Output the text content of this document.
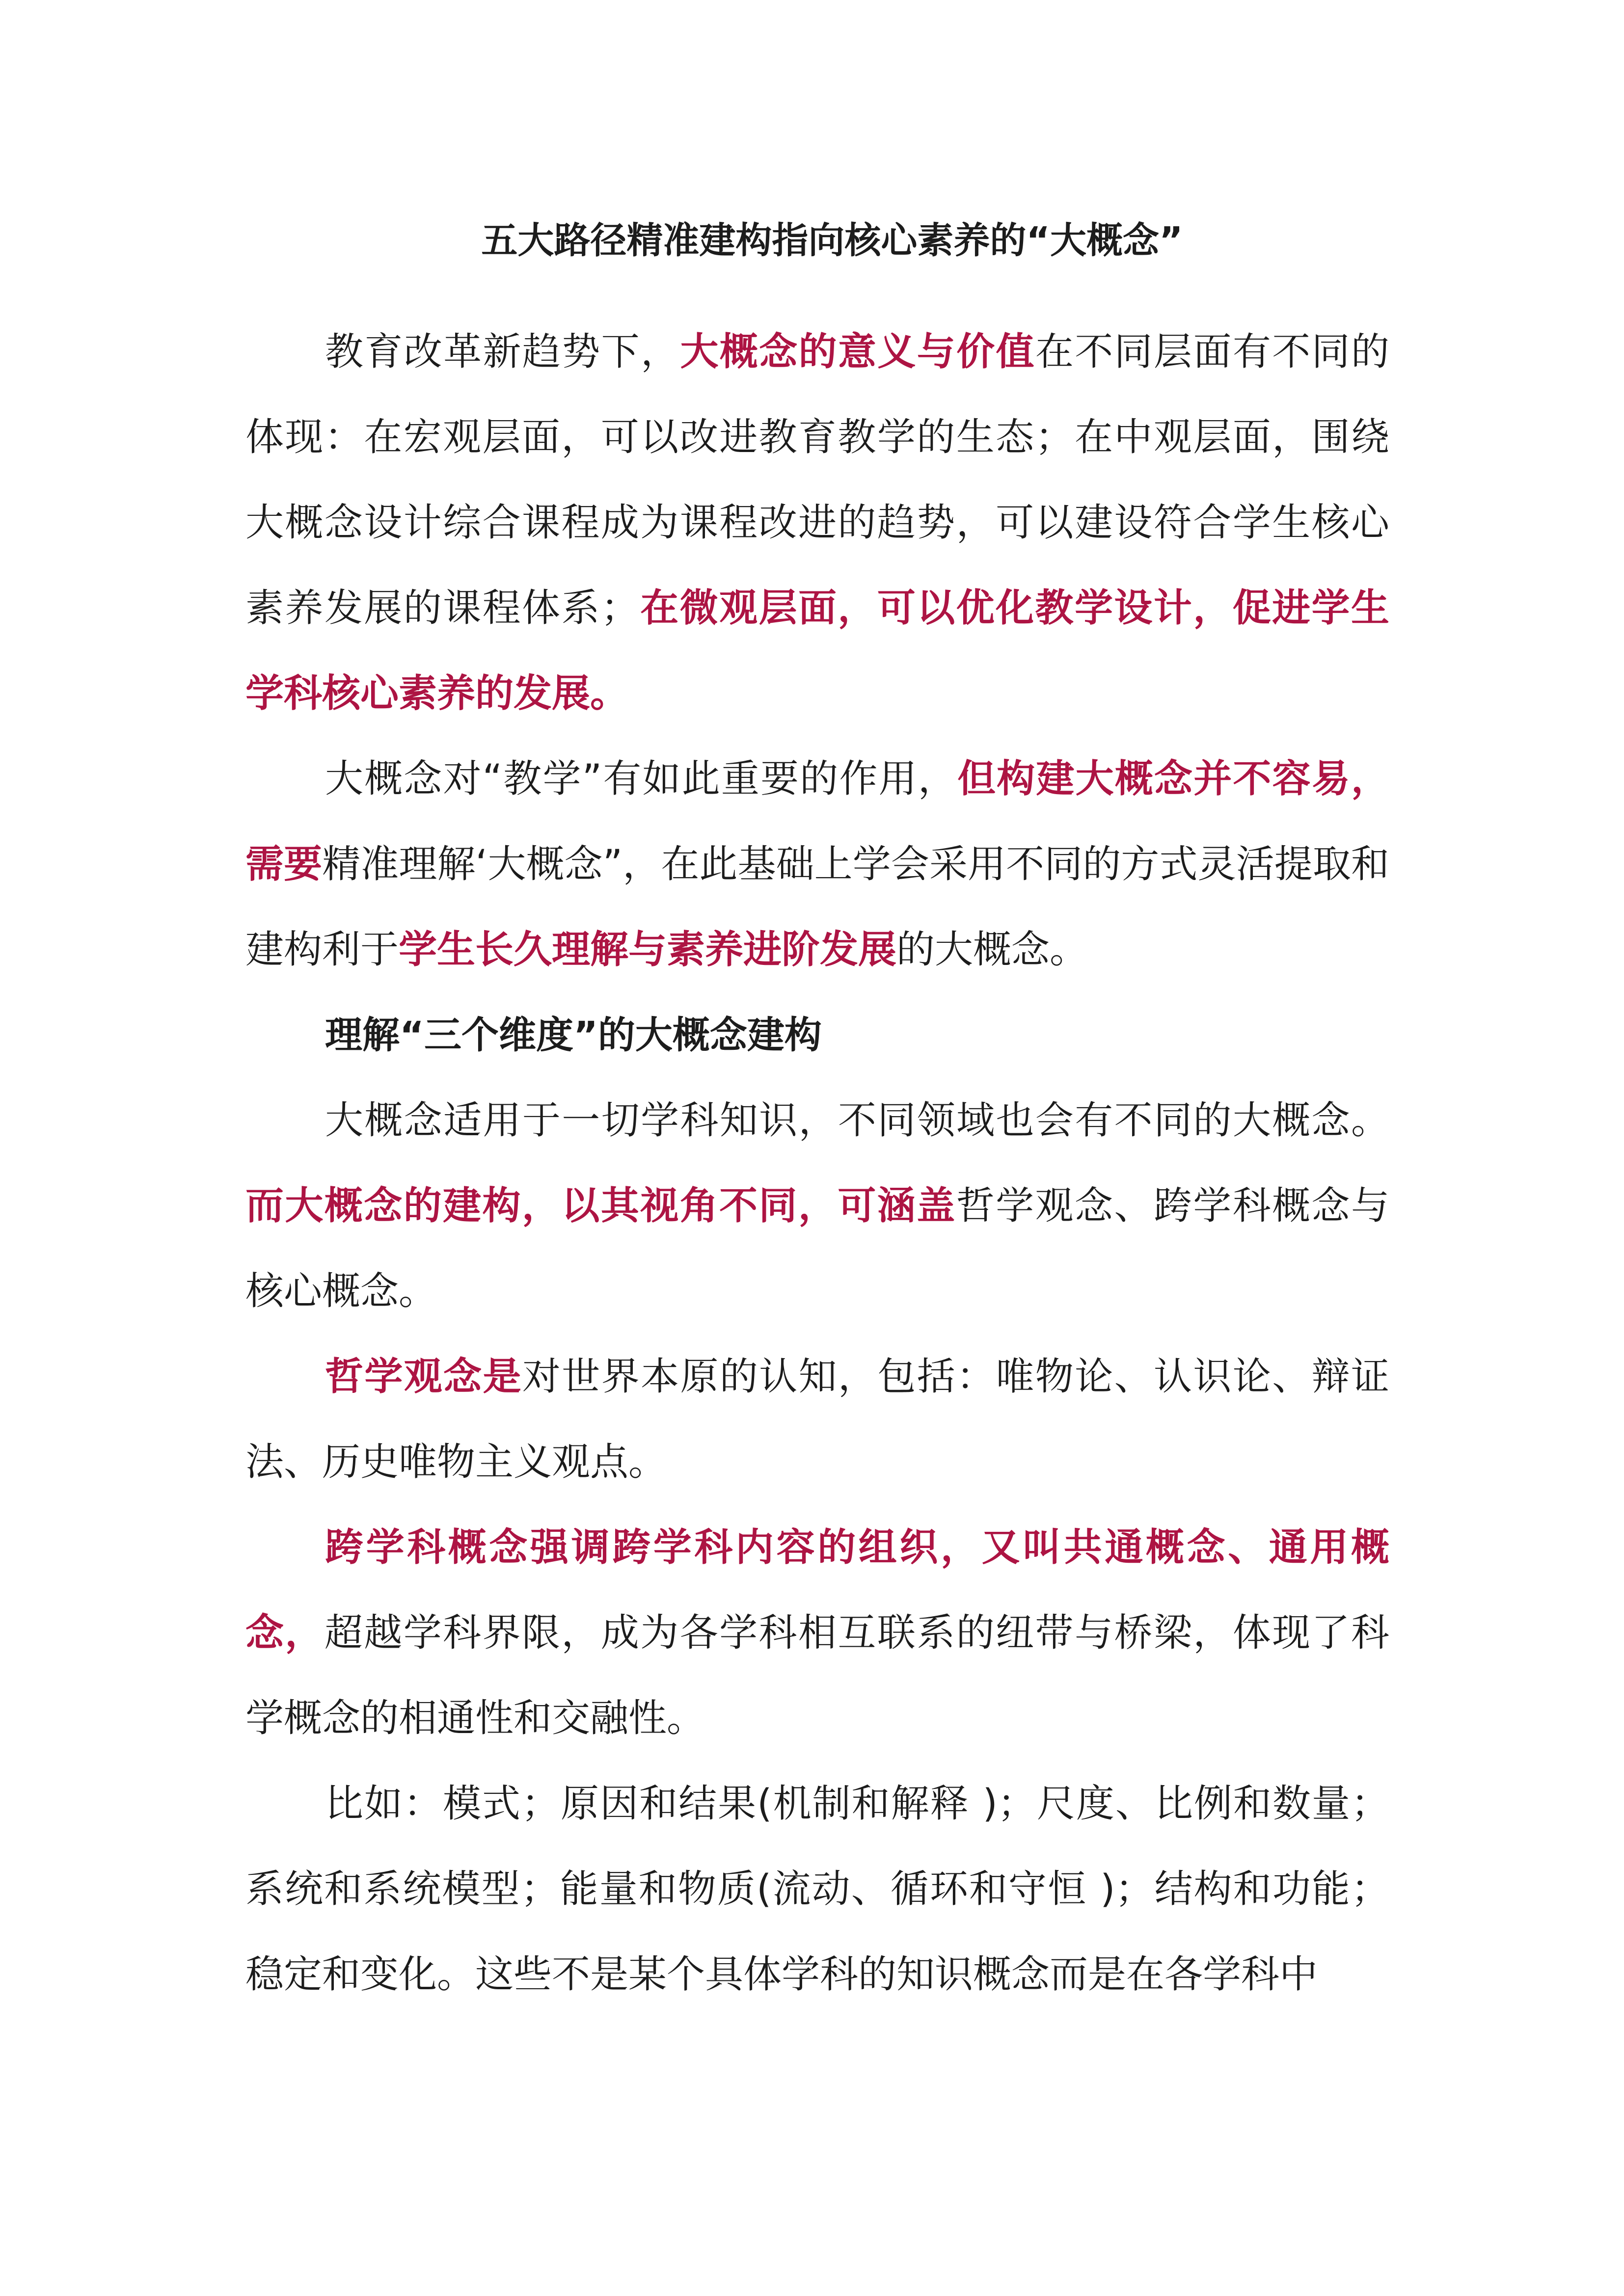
五大路径精准建构指向核心素养的“大概念”

教育改革新趋势下，大概念的意义与价值在不同层面有不同的体现：在宏观层面，可以改进教育教学的生态；在中观层面，围绕大概念设计综合课程成为课程改进的趋势，可以建设符合学生核心素养发展的课程体系；在微观层面，可以优化教学设计，促进学生学科核心素养的发展。

大概念对“教学”有如此重要的作用，但构建大概念并不容易，需要精准理解‘大概念”，在此基础上学会采用不同的方式灵活提取和建构利于学生长久理解与素养进阶发展的大概念。

理解“三个维度”的大概念建构

大概念适用于一切学科知识，不同领域也会有不同的大概念。而大概念的建构，以其视角不同，可涵盖哲学观念、跨学科概念与核心概念。

哲学观念是对世界本原的认知，包括：唯物论、认识论、辩证法、历史唯物主义观点。

跨学科概念强调跨学科内容的组织，又叫共通概念、通用概念，超越学科界限，成为各学科相互联系的纽带与桥梁，体现了科学概念的相通性和交融性。

比如：模式；原因和结果(机制和解释 )；尺度、比例和数量；系统和系统模型；能量和物质(流动、循环和守恒 )；结构和功能；稳定和变化。这些不是某个具体学科的知识概念而是在各学科中
